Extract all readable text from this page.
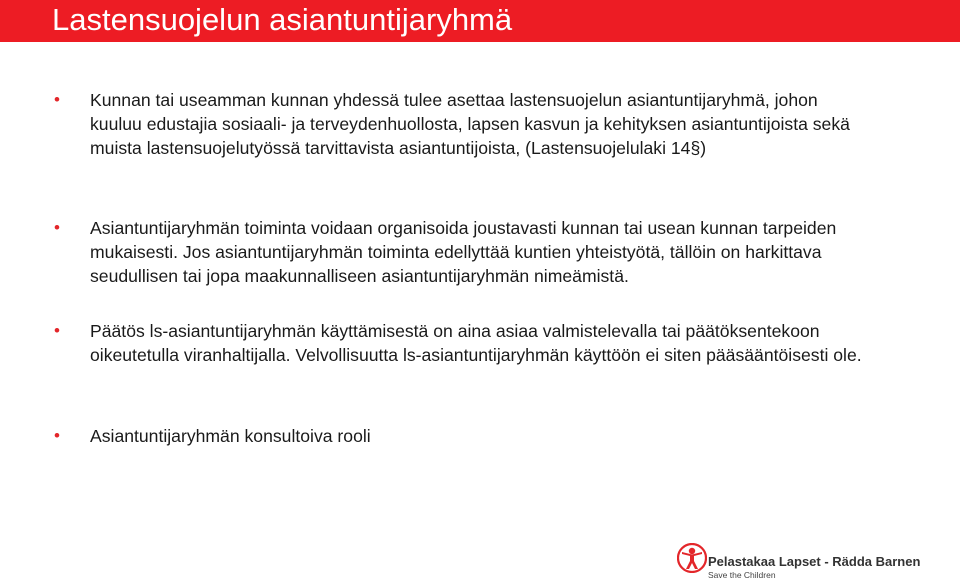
Lastensuojelun asiantuntijaryhmä
• Kunnan tai useamman kunnan yhdessä tulee asettaa lastensuojelun asiantuntijaryhmä, johon kuuluu edustajia sosiaali- ja terveydenhuollosta, lapsen kasvun ja kehityksen asiantuntijoista sekä muista lastensuojelutyössä tarvittavista asiantuntijoista, (Lastensuojelulaki 14§)

• Asiantuntijaryhmän toiminta voidaan organisoida joustavasti kunnan tai usean kunnan tarpeiden mukaisesti. Jos asiantuntijaryhmän toiminta edellyttää kuntien yhteistyötä, tällöin on harkittava seudullisen tai jopa maakunnalliseen asiantuntijaryhmän nimeämistä.

• Päätös ls-asiantuntijaryhmän käyttämisestä on aina asiaa valmistelevalla tai päätöksentekoon oikeutetulla viranhaltijalla. Velvollisuutta ls-asiantuntijaryhmän käyttöön ei siten pääsääntöisesti ole.

• Asiantuntijaryhmän konsultoiva rooli

Pelastakaa Lapset - Rädda Barnen
Save the Children
